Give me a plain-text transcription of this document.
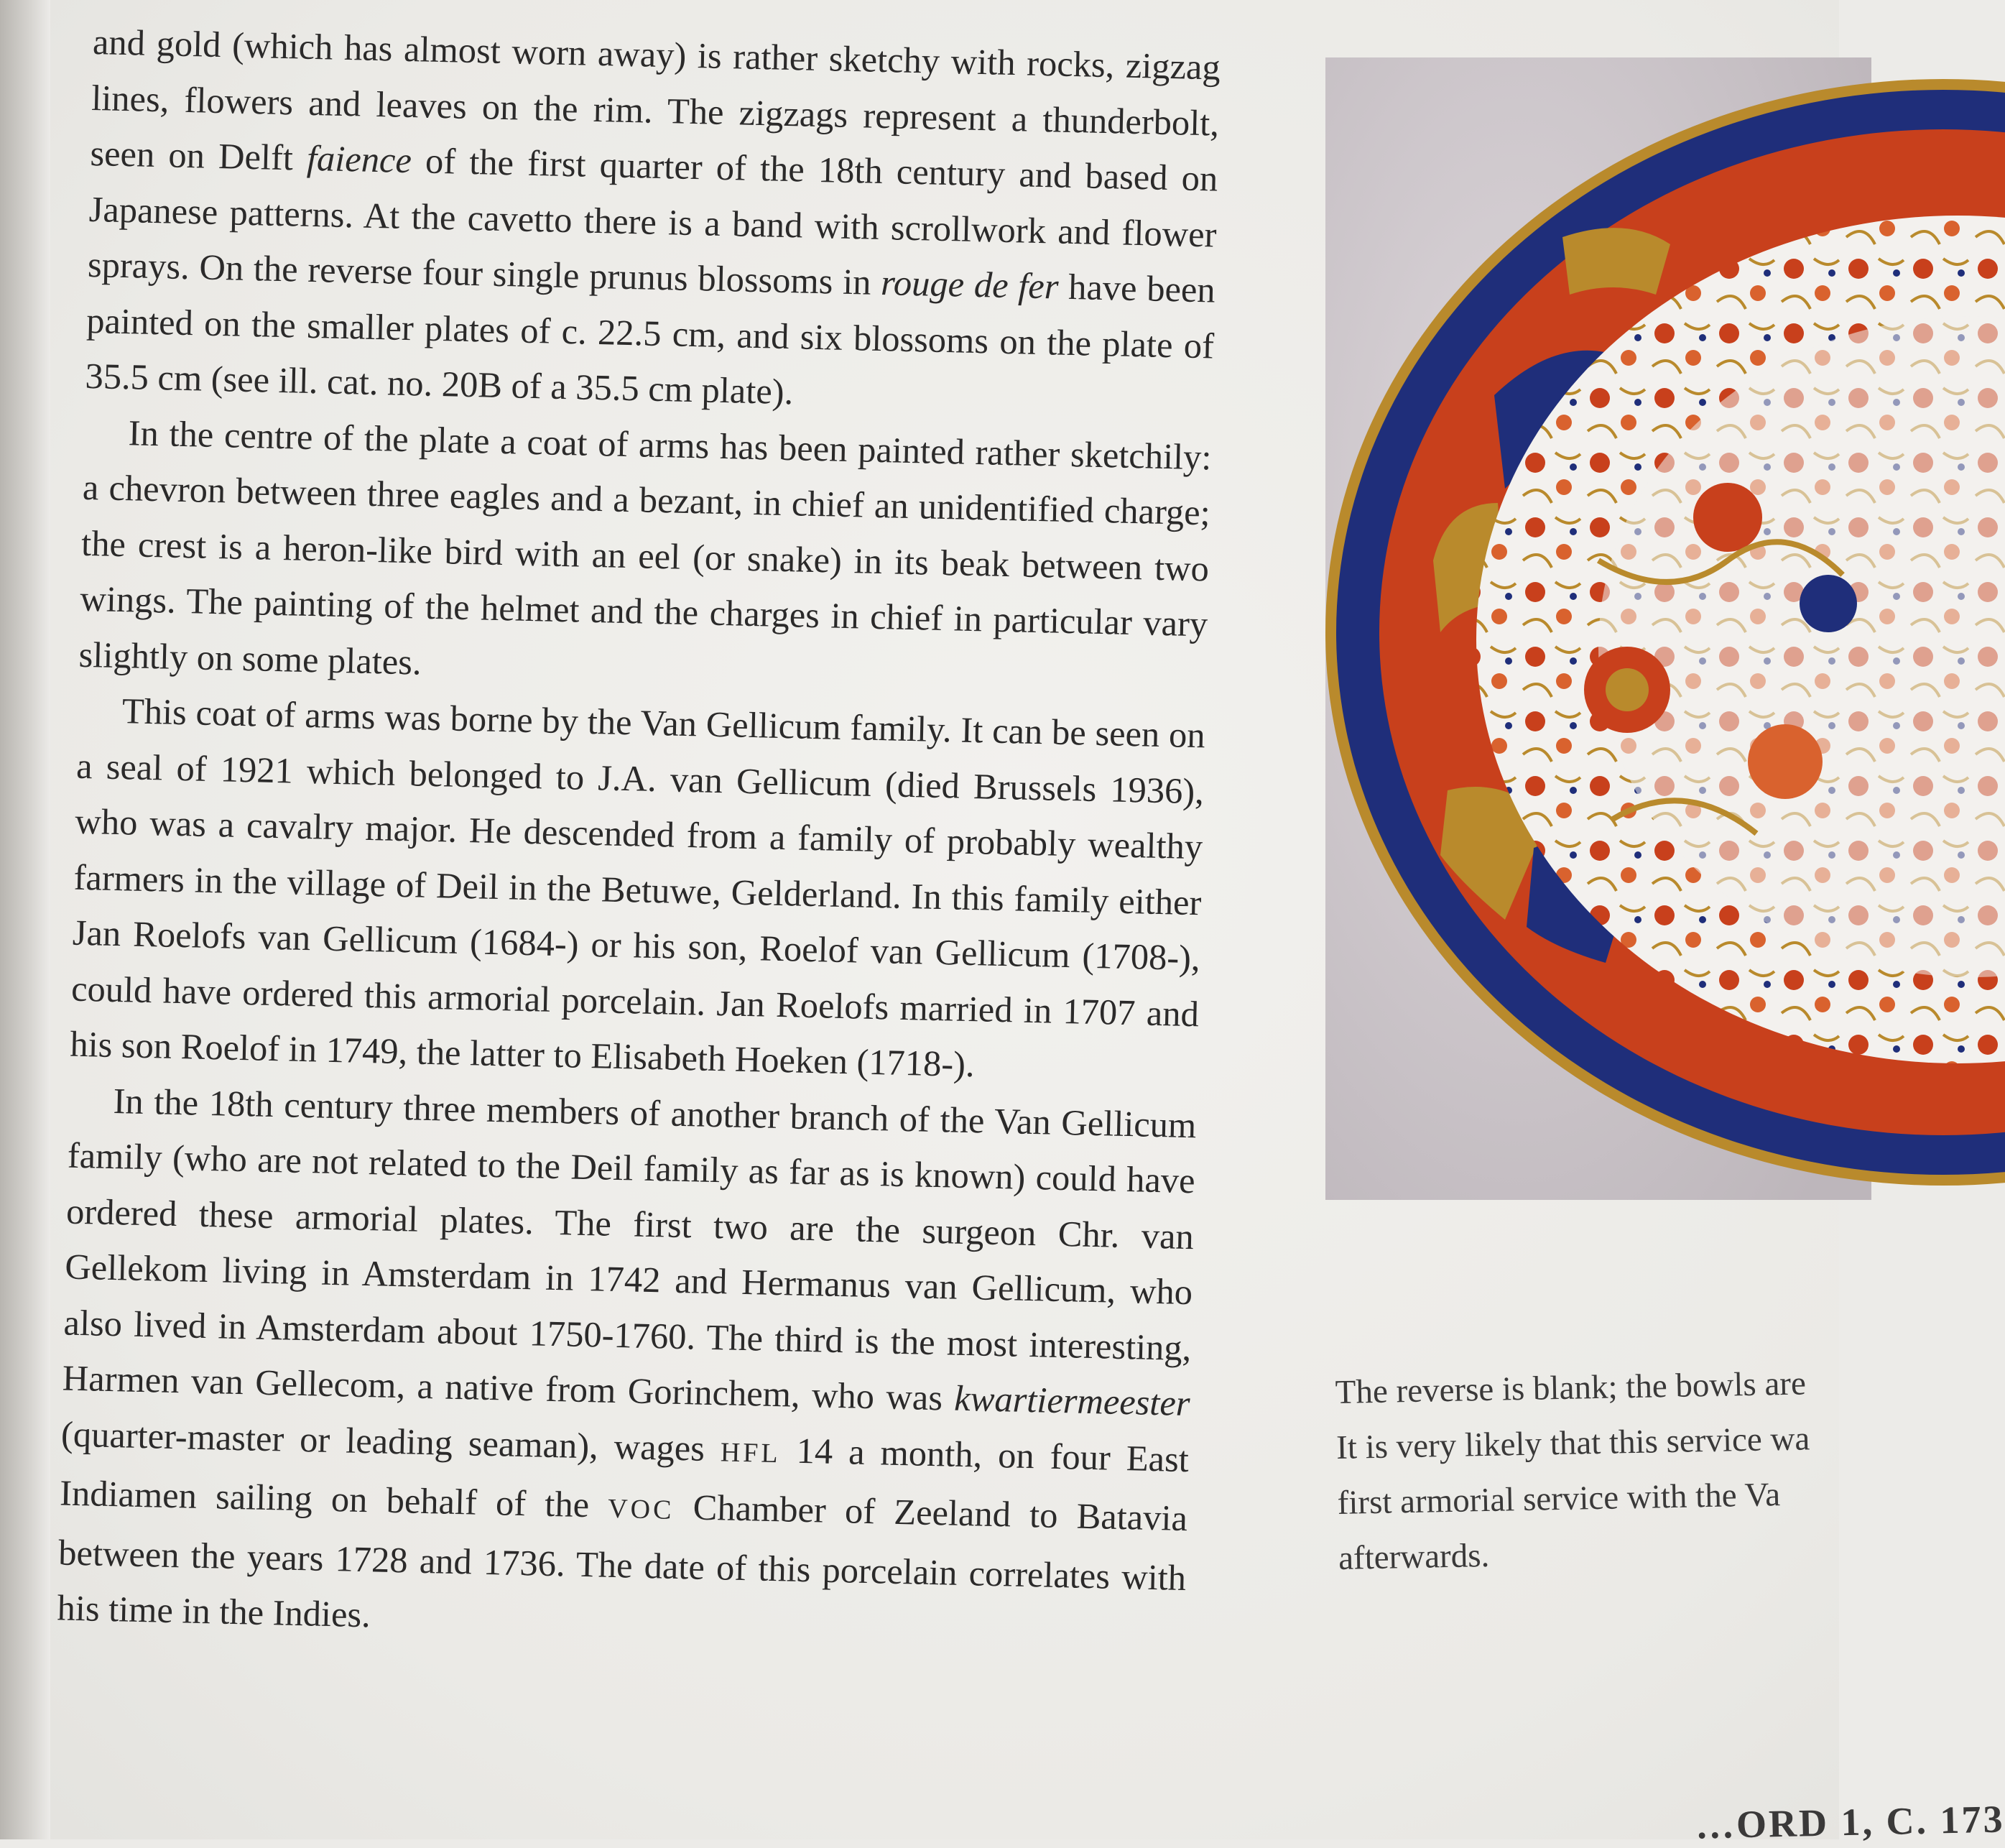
and gold (which has almost worn away) is rather sketchy with rocks, zigzag lines, flowers and leaves on the rim. The zigzags represent a thunderbolt, seen on Delft faience of the first quarter of the 18th century and based on Japanese patterns. At the cavetto there is a band with scrollwork and flower sprays. On the reverse four single prunus blossoms in rouge de fer have been painted on the smaller plates of c. 22.5 cm, and six blossoms on the plate of 35.5 cm (see ill. cat. no. 20B of a 35.5 cm plate).

In the centre of the plate a coat of arms has been painted rather sketchily: a chevron between three eagles and a bezant, in chief an unidentified charge; the crest is a heron-like bird with an eel (or snake) in its beak between two wings. The painting of the helmet and the charges in chief in particular vary slightly on some plates.

This coat of arms was borne by the Van Gellicum family. It can be seen on a seal of 1921 which belonged to J.A. van Gellicum (died Brussels 1936), who was a cavalry major. He descended from a family of probably wealthy farmers in the village of Deil in the Betuwe, Gelderland. In this family either Jan Roelofs van Gellicum (1684-) or his son, Roelof van Gellicum (1708-), could have ordered this armorial porcelain. Jan Roelofs married in 1707 and his son Roelof in 1749, the latter to Elisabeth Hoeken (1718-).

In the 18th century three members of another branch of the Van Gellicum family (who are not related to the Deil family as far as is known) could have ordered these armorial plates. The first two are the surgeon Chr. van Gellekom living in Amsterdam in 1742 and Hermanus van Gellicum, who also lived in Amsterdam about 1750-1760. The third is the most interesting, Harmen van Gellecom, a native from Gorinchem, who was kwartiermeester (quarter-master or leading seaman), wages HFL 14 a month, on four East Indiamen sailing on behalf of the VOC Chamber of Zeeland to Batavia between the years 1728 and 1736. The date of this porcelain correlates with his time in the Indies.

The reverse is blank; the bowls are

It is very likely that this service wa

first armorial service with the Va

afterwards.

…ORD 1, C. 173
